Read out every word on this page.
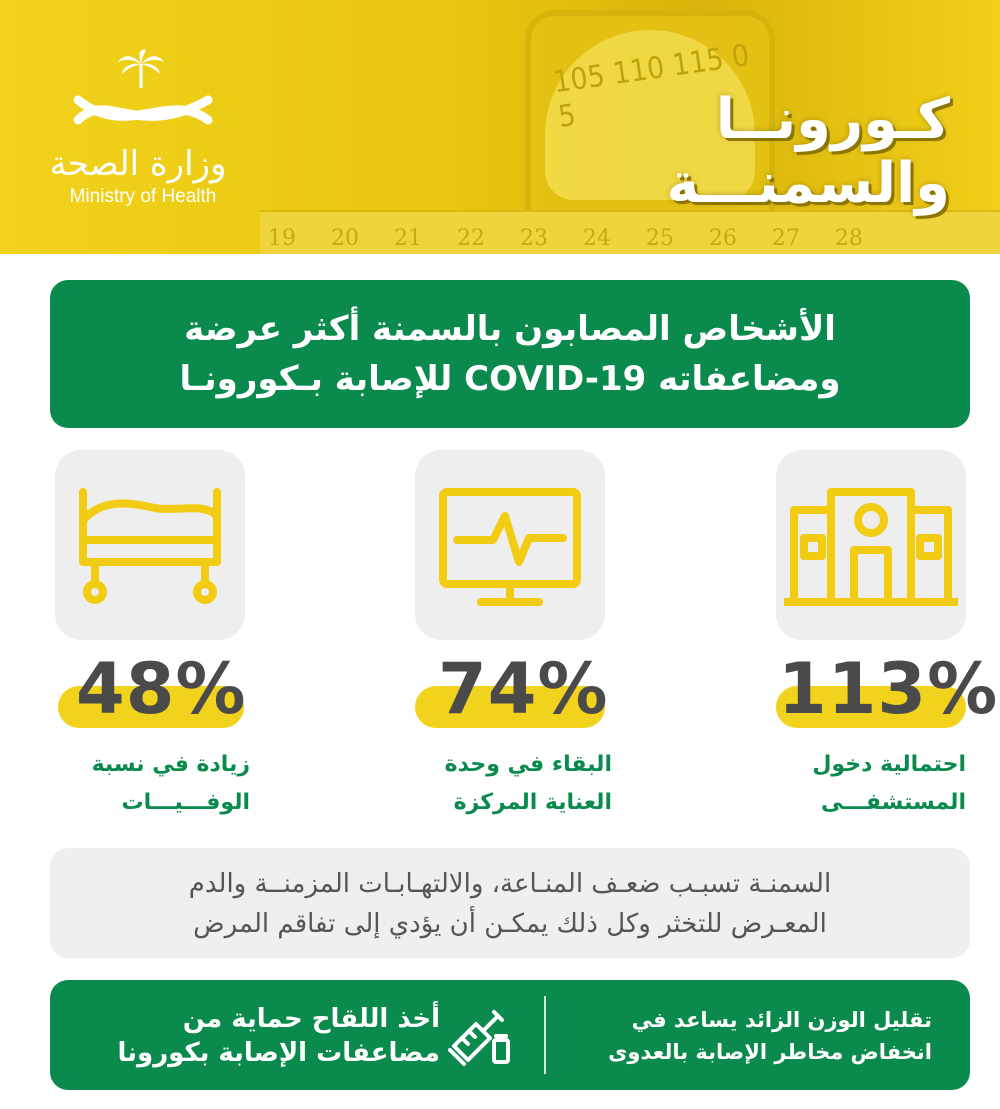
105 110 115 0 5
19 20 21 22 23 24 25 26 27 28
وزارة الصحة
Ministry of Health
كـورونــا
والسمنـــة
الأشخاص المصابون بالسمنة أكثر عرضة
للإصابة بـكورونـا COVID-19 ومضاعفاته
113%
احتمالية دخول
المستشفـــى
74%
البقاء في وحدة
العناية المركزة
48%
زيادة في نسبة
الوفـــيـــات
السمنـة تسبـب ضعـف المنـاعة، والالتهـابـات المزمنــة والدم
المعـرض للتخثر وكل ذلك يمكـن أن يؤدي إلى تفاقم المرض
تقليل الوزن الزائد يساعد في
انخفاض مخاطر الإصابة بالعدوى
أخذ اللقاح حماية من
مضاعفات الإصابة بكورونا
